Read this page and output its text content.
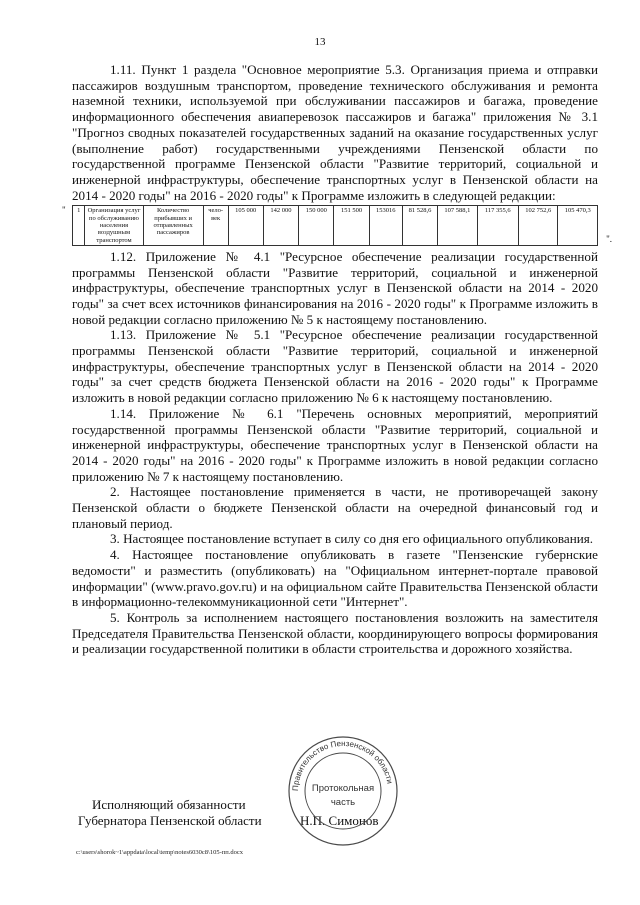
13

1.11. Пункт 1 раздела "Основное мероприятие 5.3. Организация приема и отправки пассажиров воздушным транспортом, проведение технического обслуживания и ремонта наземной техники, используемой при обслуживании пассажиров и багажа, проведение информационного обеспечения авиаперевозок пассажиров и багажа" приложения № 3.1 "Прогноз сводных показателей государственных заданий на оказание государственных услуг (выполнение работ) государственными учреждениями Пензенской области по государственной программе Пензенской области "Развитие территорий, социальной и инженерной инфраструктуры, обеспечение транспортных услуг в Пензенской области на 2014 - 2020 годы" на 2016 - 2020 годы" к Программе изложить в следующей редакции:

" 1	Организация услуг по обслуживанию населения воздушным транспортом	Количество прибывших и отправленных пассажиров	чело-век	105 000	142 000	150 000	151 500	153016	81 528,6	107 588,1	117 355,6	102 752,6	105 470,3
".

1.12. Приложение № 4.1 "Ресурсное обеспечение реализации государственной программы Пензенской области "Развитие территорий, социальной и инженерной инфраструктуры, обеспечение транспортных услуг в Пензенской области на 2014 - 2020 годы" за счет всех источников финансирования на 2016 - 2020 годы" к Программе изложить в новой редакции согласно приложению № 5 к настоящему постановлению.

1.13. Приложение № 5.1 "Ресурсное обеспечение реализации государственной программы Пензенской области "Развитие территорий, социальной и инженерной инфраструктуры, обеспечение транспортных услуг в Пензенской области на 2014 - 2020 годы" за счет средств бюджета Пензенской области на 2016 - 2020 годы" к Программе изложить в новой редакции согласно приложению № 6 к настоящему постановлению.

1.14. Приложение № 6.1 "Перечень основных мероприятий, мероприятий государственной программы Пензенской области "Развитие территорий, социальной и инженерной инфраструктуры, обеспечение транспортных услуг в Пензенской области на 2014 - 2020 годы" на 2016 - 2020 годы" к Программе изложить в новой редакции согласно приложению № 7 к настоящему постановлению.

2. Настоящее постановление применяется в части, не противоречащей закону Пензенской области о бюджете Пензенской области на очередной финансовый год и плановый период.

3. Настоящее постановление вступает в силу со дня его официального опубликования.

4. Настоящее постановление опубликовать в газете "Пензенские губернские ведомости" и разместить (опубликовать) на "Официальном интернет-портале правовой информации" (www.pravo.gov.ru) и на официальном сайте Правительства Пензенской области в информационно-телекоммуникационной сети "Интернет".

5. Контроль за исполнением настоящего постановления возложить на заместителя Председателя Правительства Пензенской области, координирующего вопросы формирования и реализации государственной политики в области строительства и дорожного хозяйства.

Исполняющий обязанности
Губернатора Пензенской области	Н.П. Симонов
Правительство Пензенской области
Протокольная
часть
c:\users\shorok~1\appdata\local\temp\notes6030c8\105-пп.docx
